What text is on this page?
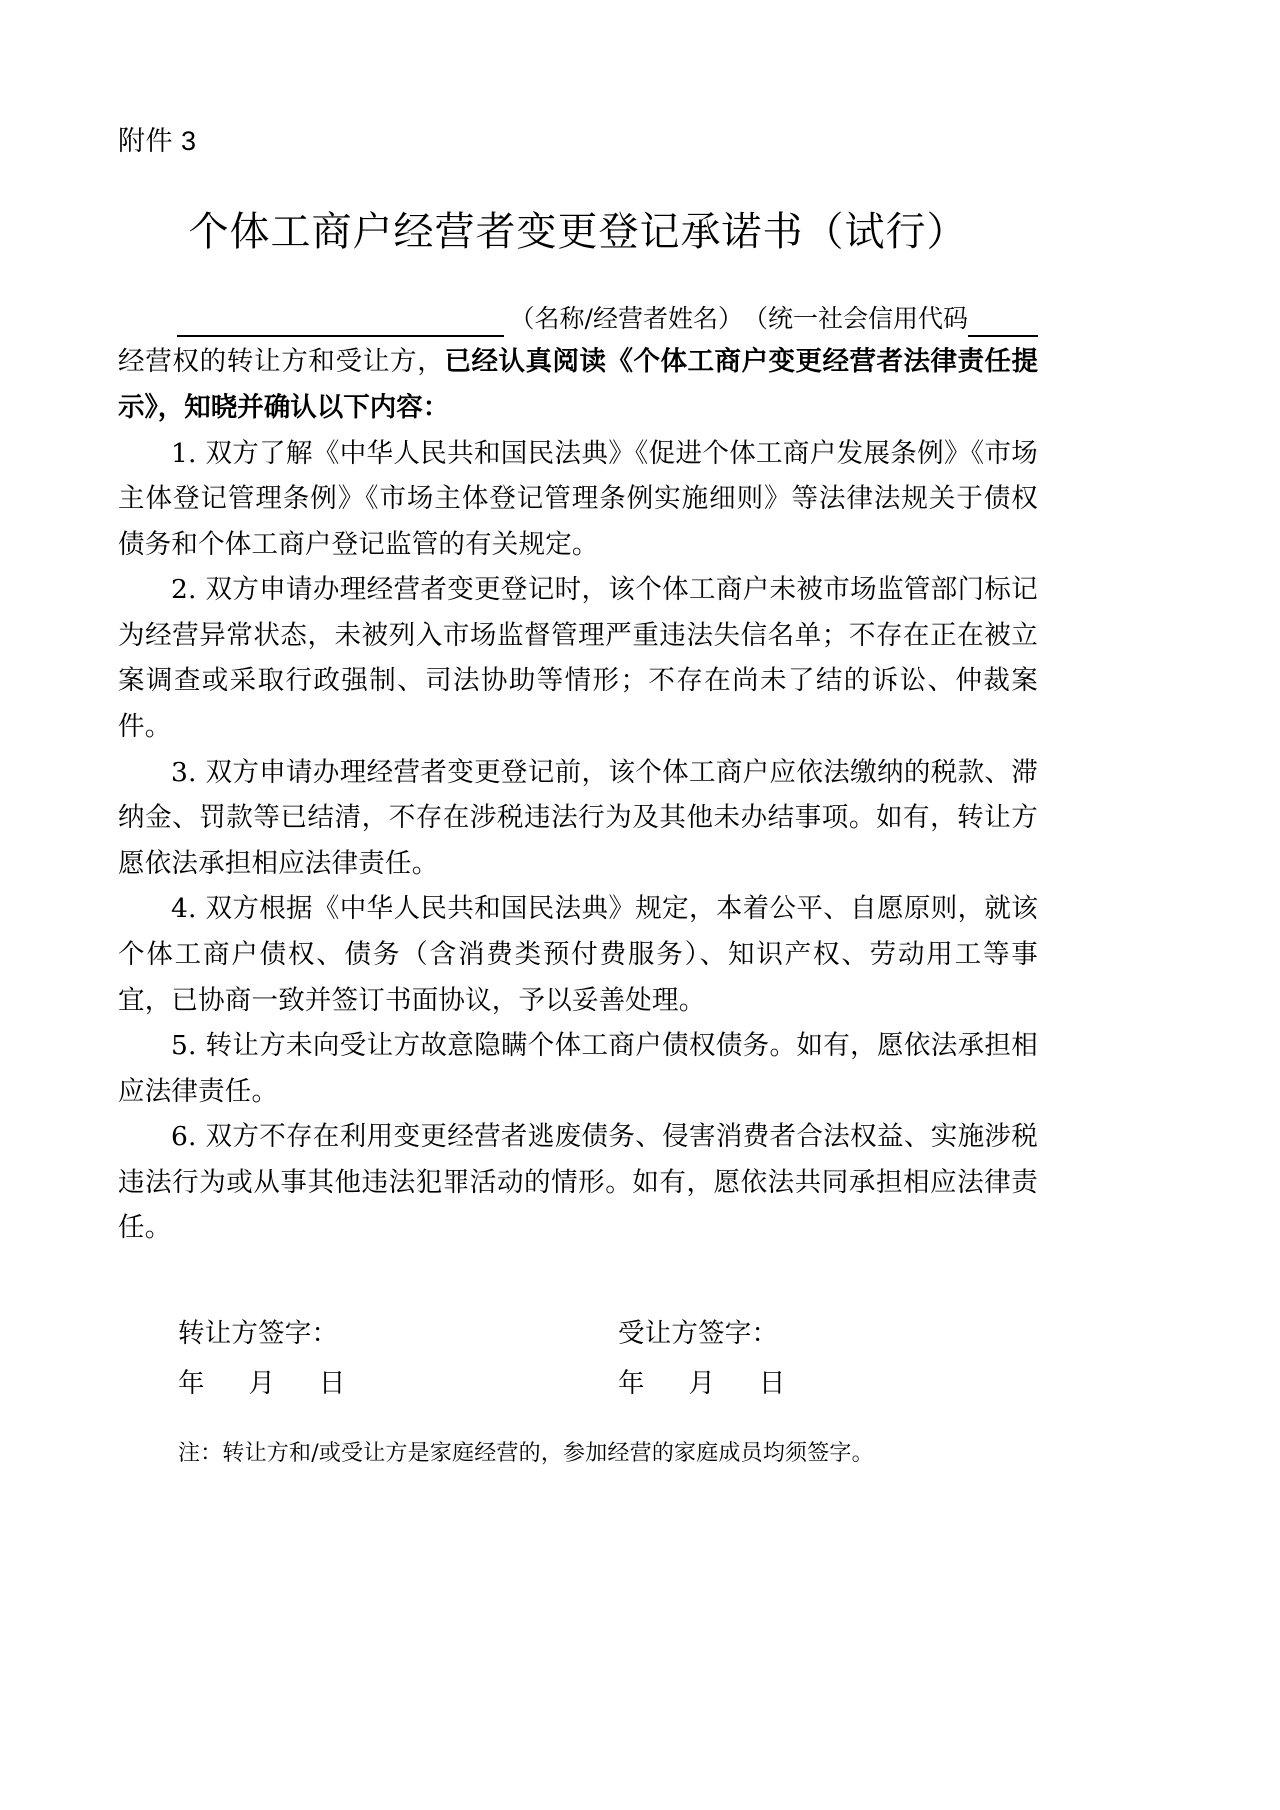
附件 3
个体工商户经营者变更登记承诺书（试行）
（名称/经营者姓名） （统一社会信用代码

经营权的转让方和受让方，已经认真阅读《个体工商户变更经营者法律责任提示》，知晓并确认以下内容：

1. 双方了解《中华人民共和国民法典》《促进个体工商户发展条例》《市场主体登记管理条例》《市场主体登记管理条例实施细则》等法律法规关于债权债务和个体工商户登记监管的有关规定。

2. 双方申请办理经营者变更登记时，该个体工商户未被市场监管部门标记为经营异常状态，未被列入市场监督管理严重违法失信名单；不存在正在被立案调查或采取行政强制、司法协助等情形；不存在尚未了结的诉讼、仲裁案件。

3. 双方申请办理经营者变更登记前，该个体工商户应依法缴纳的税款、滞纳金、罚款等已结清，不存在涉税违法行为及其他未办结事项。如有，转让方愿依法承担相应法律责任。

4. 双方根据《中华人民共和国民法典》规定，本着公平、自愿原则，就该个体工商户债权、债务（含消费类预付费服务）、知识产权、劳动用工等事宜，已协商一致并签订书面协议，予以妥善处理。

5. 转让方未向受让方故意隐瞒个体工商户债权债务。如有，愿依法承担相应法律责任。

6. 双方不存在利用变更经营者逃废债务、侵害消费者合法权益、实施涉税违法行为或从事其他违法犯罪活动的情形。如有，愿依法共同承担相应法律责任。

转让方签字：	受让方签字：
年 月 日	年 月 日
注：转让方和/或受让方是家庭经营的，参加经营的家庭成员均须签字。
